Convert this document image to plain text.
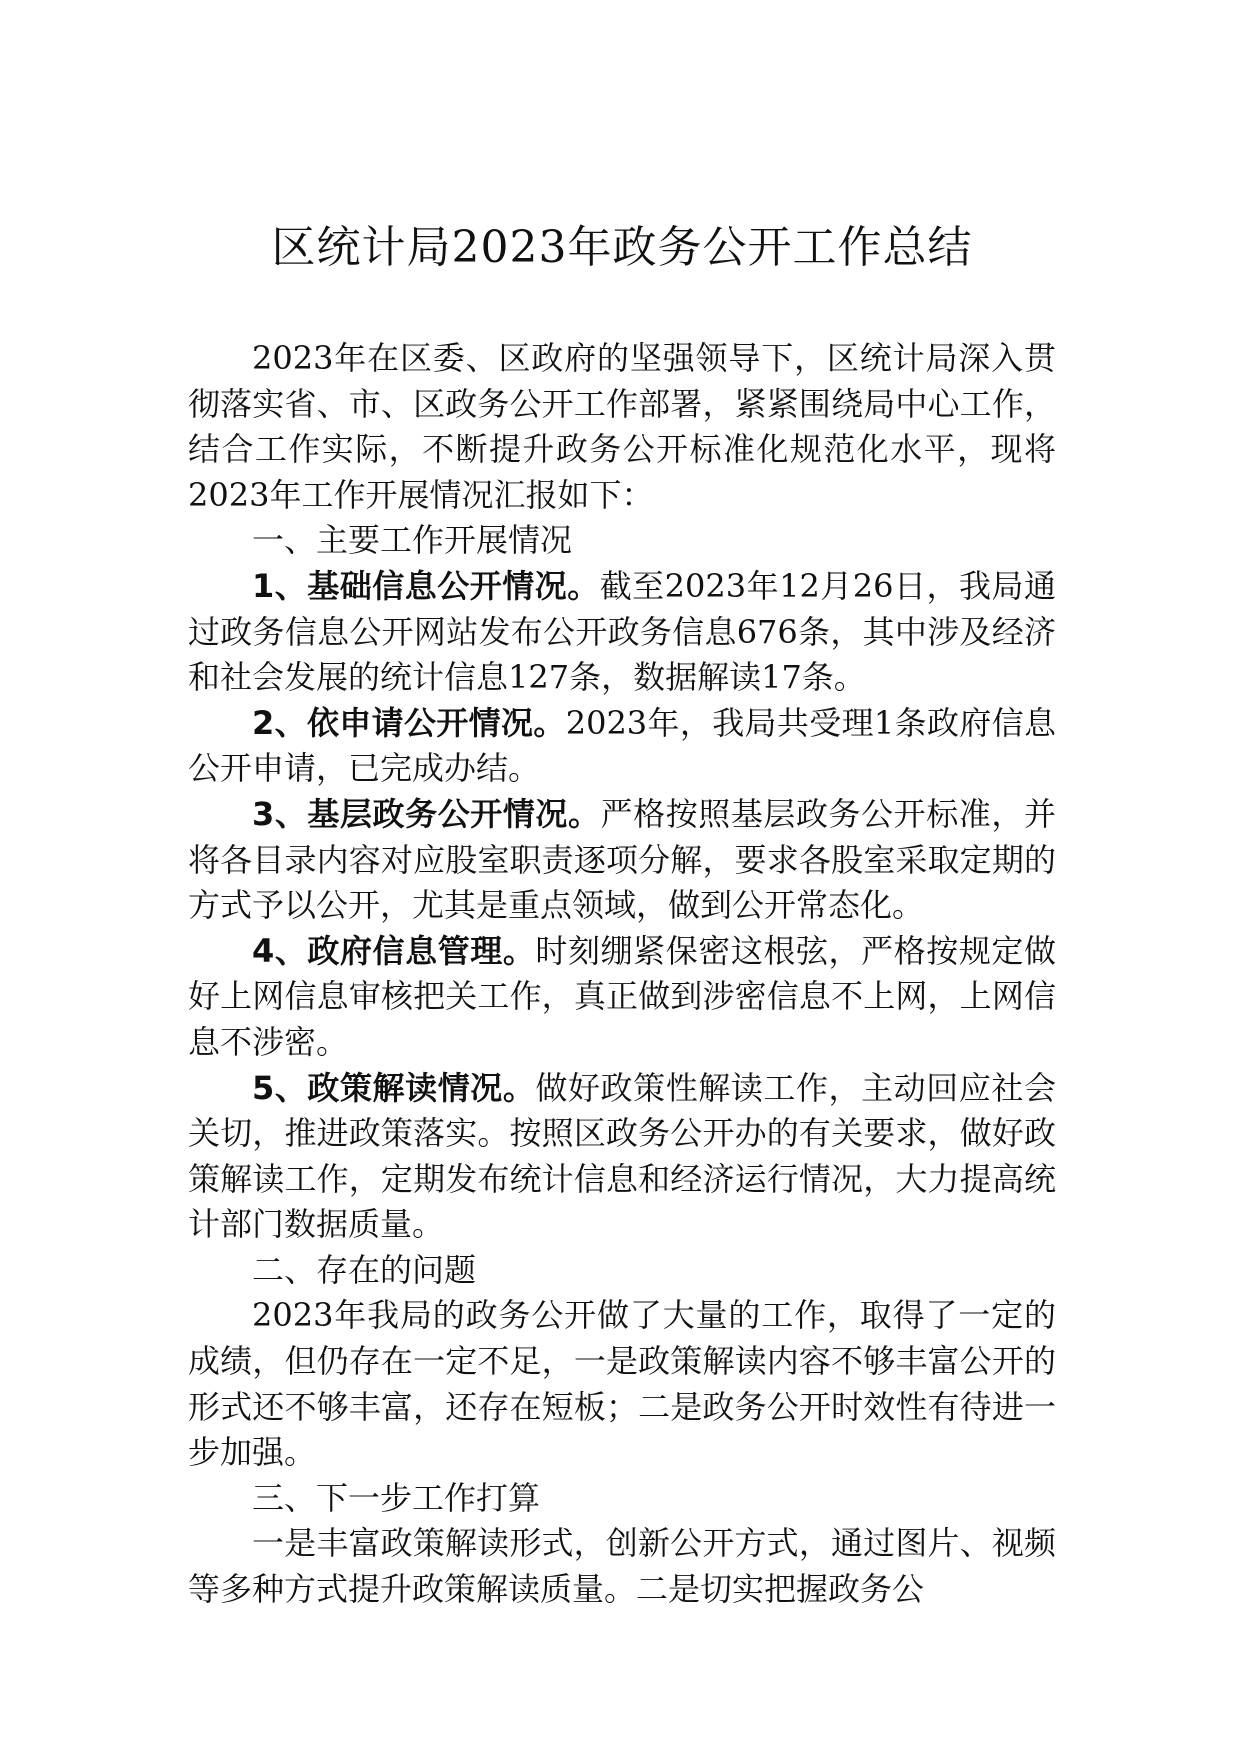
区统计局2023年政务公开工作总结

2023年在区委、区政府的坚强领导下，区统计局深入贯彻落实省、市、区政务公开工作部署，紧紧围绕局中心工作，结合工作实际，不断提升政务公开标准化规范化水平，现将2023年工作开展情况汇报如下：

一、主要工作开展情况

1、基础信息公开情况。截至2023年12月26日，我局通过政务信息公开网站发布公开政务信息676条，其中涉及经济和社会发展的统计信息127条，数据解读17条。

2、依申请公开情况。2023年，我局共受理1条政府信息公开申请，已完成办结。

3、基层政务公开情况。严格按照基层政务公开标准，并将各目录内容对应股室职责逐项分解，要求各股室采取定期的方式予以公开，尤其是重点领域，做到公开常态化。

4、政府信息管理。时刻绷紧保密这根弦，严格按规定做好上网信息审核把关工作，真正做到涉密信息不上网，上网信息不涉密。

5、政策解读情况。做好政策性解读工作，主动回应社会关切，推进政策落实。按照区政务公开办的有关要求，做好政策解读工作，定期发布统计信息和经济运行情况，大力提高统计部门数据质量。

二、存在的问题

2023年我局的政务公开做了大量的工作，取得了一定的成绩，但仍存在一定不足，一是政策解读内容不够丰富公开的形式还不够丰富，还存在短板；二是政务公开时效性有待进一步加强。

三、下一步工作打算

一是丰富政策解读形式，创新公开方式，通过图片、视频等多种方式提升政策解读质量。二是切实把握政务公
